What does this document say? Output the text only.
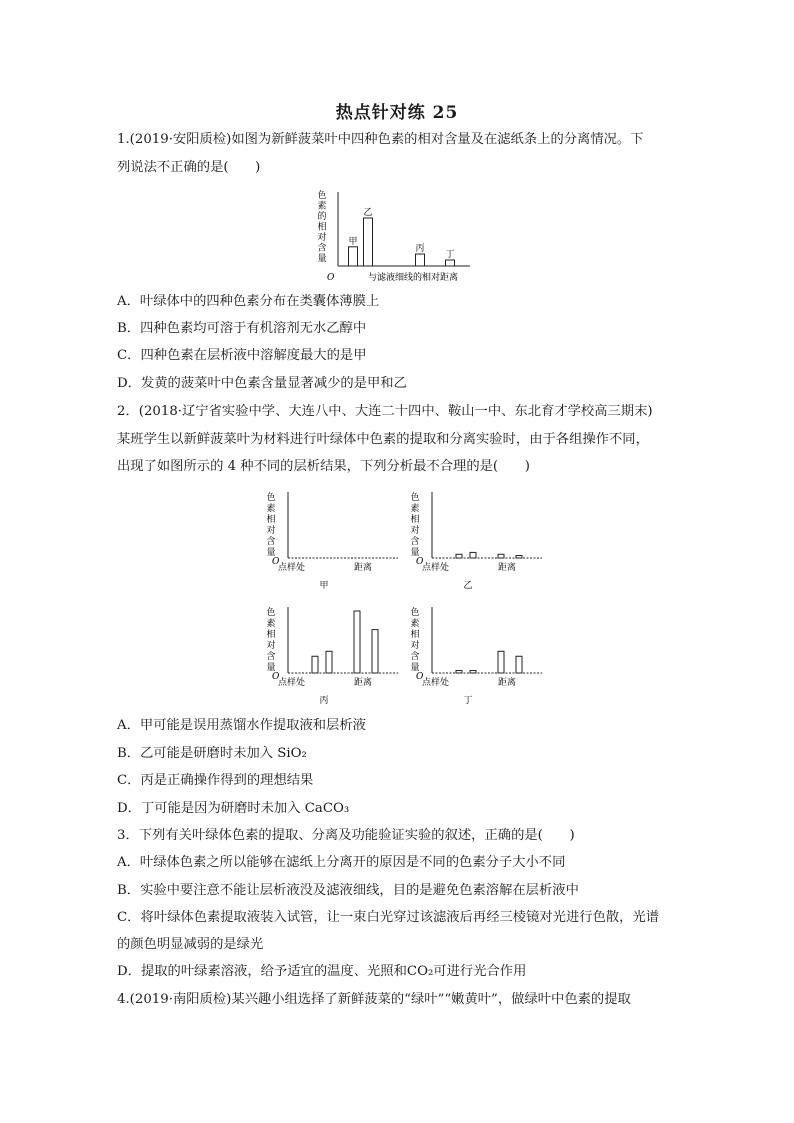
热点针对练 25
1.(2019·安阳质检)如图为新鲜菠菜叶中四种色素的相对含量及在滤纸条上的分离情况。下
列说法不正确的是(　　)
O
色
素
的
相
对
含
量
与滤液细线的相对距离
甲
乙
丙
丁
A．叶绿体中的四种色素分布在类囊体薄膜上
B．四种色素均可溶于有机溶剂无水乙醇中
C．四种色素在层析液中溶解度最大的是甲
D．发黄的菠菜叶中色素含量显著减少的是甲和乙
2．(2018·辽宁省实验中学、大连八中、大连二十四中、鞍山一中、东北育才学校高三期末)
某班学生以新鲜菠菜叶为材料进行叶绿体中色素的提取和分离实验时，由于各组操作不同，
出现了如图所示的 4 种不同的层析结果，下列分析最不合理的是(　　)
O
色
素
相
对
含
量
点样处	距离
甲
O
色
素
相
对
含
量
点样处	距离
乙
O
色
素
相
对
含
量
点样处	距离
丙
O
色
素
相
对
含
量
点样处	距离
丁
A．甲可能是误用蒸馏水作提取液和层析液
B．乙可能是研磨时未加入 SiO₂
C．丙是正确操作得到的理想结果
D．丁可能是因为研磨时未加入 CaCO₃
3．下列有关叶绿体色素的提取、分离及功能验证实验的叙述，正确的是(　　)
A．叶绿体色素之所以能够在滤纸上分离开的原因是不同的色素分子大小不同
B．实验中要注意不能让层析液没及滤液细线，目的是避免色素溶解在层析液中
C．将叶绿体色素提取液装入试管，让一束白光穿过该滤液后再经三棱镜对光进行色散，光谱
的颜色明显减弱的是绿光
D．提取的叶绿素溶液，给予适宜的温度、光照和CO₂可进行光合作用
4.(2019·南阳质检)某兴趣小组选择了新鲜菠菜的“绿叶”“嫩黄叶”，做绿叶中色素的提取
